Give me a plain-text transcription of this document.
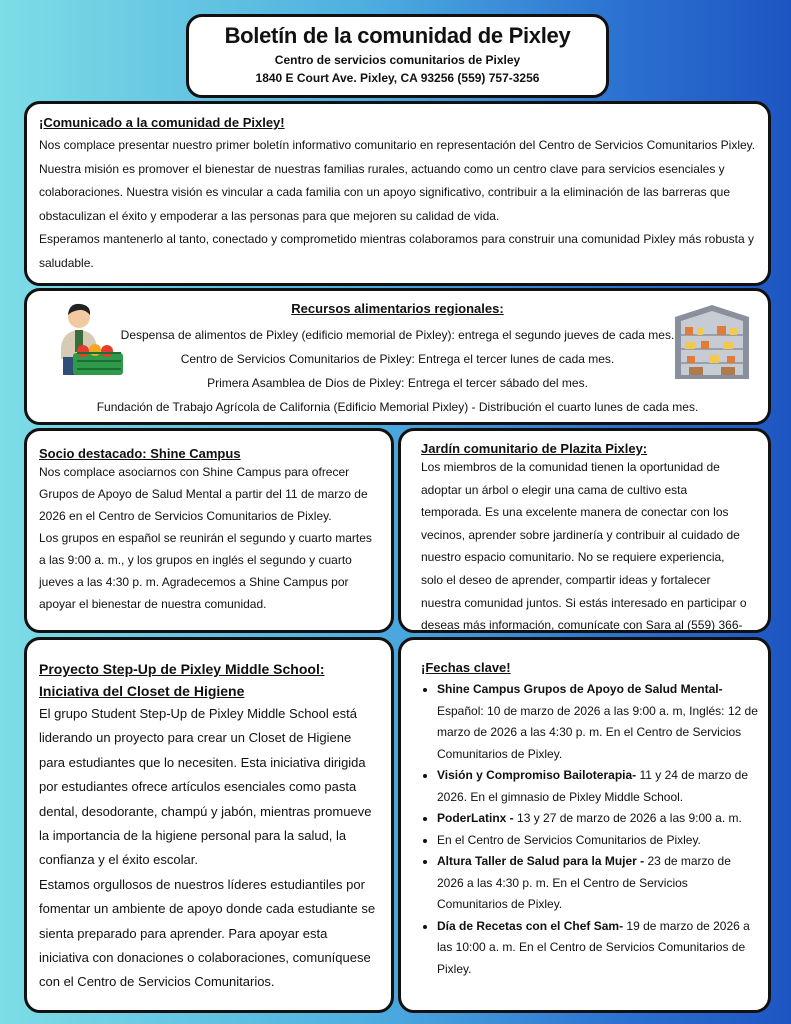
Boletín de la comunidad de Pixley
Centro de servicios comunitarios de Pixley
1840 E Court Ave. Pixley, CA 93256 (559) 757-3256
¡Comunicado a la comunidad de Pixley!

Nos complace presentar nuestro primer boletín informativo comunitario en representación del Centro de Servicios Comunitarios Pixley. Nuestra misión es promover el bienestar de nuestras familias rurales, actuando como un centro clave para servicios esenciales y colaboraciones. Nuestra visión es vincular a cada familia con un apoyo significativo, contribuir a la eliminación de las barreras que obstaculizan el éxito y empoderar a las personas para que mejoren su calidad de vida.

Esperamos mantenerlo al tanto, conectado y comprometido mientras colaboramos para construir una comunidad Pixley más robusta y saludable.

Recursos alimentarios regionales:
Despensa de alimentos de Pixley (edificio memorial de Pixley): entrega el segundo jueves de cada mes.
Centro de Servicios Comunitarios de Pixley: Entrega el tercer lunes de cada mes.
Primera Asamblea de Dios de Pixley: Entrega el tercer sábado del mes.
Fundación de Trabajo Agrícola de California (Edificio Memorial Pixley) - Distribución el cuarto lunes de cada mes.
Socio destacado: Shine Campus

Nos complace asociarnos con Shine Campus para ofrecer Grupos de Apoyo de Salud Mental a partir del 11 de marzo de 2026 en el Centro de Servicios Comunitarios de Pixley.

Los grupos en español se reunirán el segundo y cuarto martes a las 9:00 a. m., y los grupos en inglés el segundo y cuarto jueves a las 4:30 p. m. Agradecemos a Shine Campus por apoyar el bienestar de nuestra comunidad.

Jardín comunitario de Plazita Pixley:

Los miembros de la comunidad tienen la oportunidad de adoptar un árbol o elegir una cama de cultivo esta temporada. Es una excelente manera de conectar con los vecinos, aprender sobre jardinería y contribuir al cuidado de nuestro espacio comunitario. No se requiere experiencia, solo el deseo de aprender, compartir ideas y fortalecer nuestra comunidad juntos. Si estás interesado en participar o deseas más información, comunícate con Sara al (559) 366-

Proyecto Step-Up de Pixley Middle School: Iniciativa del Closet de Higiene

El grupo Student Step-Up de Pixley Middle School está liderando un proyecto para crear un Closet de Higiene para estudiantes que lo necesiten. Esta iniciativa dirigida por estudiantes ofrece artículos esenciales como pasta dental, desodorante, champú y jabón, mientras promueve la importancia de la higiene personal para la salud, la confianza y el éxito escolar.

Estamos orgullosos de nuestros líderes estudiantiles por fomentar un ambiente de apoyo donde cada estudiante se sienta preparado para aprender. Para apoyar esta iniciativa con donaciones o colaboraciones, comuníquese con el Centro de Servicios Comunitarios.

¡Fechas clave!
• Shine Campus Grupos de Apoyo de Salud Mental- Español: 10 de marzo de 2026 a las 9:00 a. m, Inglés: 12 de marzo de 2026 a las 4:30 p. m. En el Centro de Servicios Comunitarios de Pixley.
• Visión y Compromiso Bailoterapia- 11 y 24 de marzo de 2026. En el gimnasio de Pixley Middle School.
• PoderLatinx - 13 y 27 de marzo de 2026 a las 9:00 a. m.
• En el Centro de Servicios Comunitarios de Pixley.
• Altura Taller de Salud para la Mujer - 23 de marzo de 2026 a las 4:30 p. m. En el Centro de Servicios Comunitarios de Pixley.
• Día de Recetas con el Chef Sam- 19 de marzo de 2026 a las 10:00 a. m. En el Centro de Servicios Comunitarios de Pixley.
